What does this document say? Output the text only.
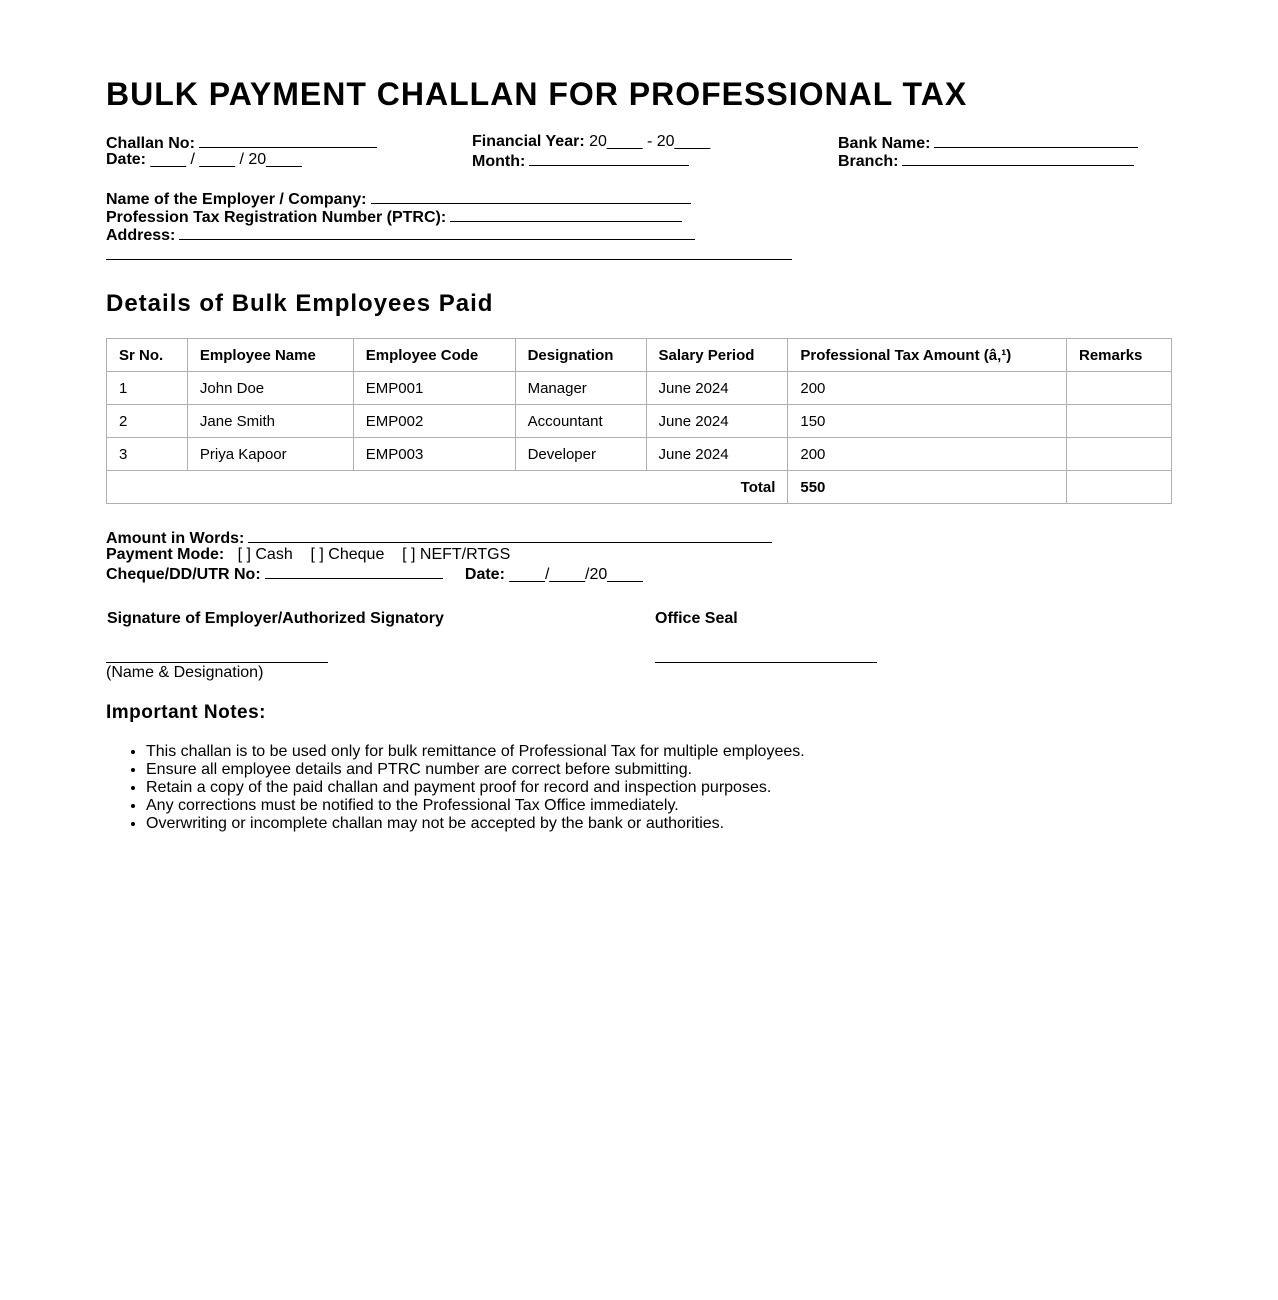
BULK PAYMENT CHALLAN FOR PROFESSIONAL TAX
Challan No:
Date: ____ / ____ / 20____
Financial Year: 20____ - 20____
Month:
Bank Name:
Branch:
Name of the Employer / Company:
Profession Tax Registration Number (PTRC):
Address:
Details of Bulk Employees Paid
Sr No.	Employee Name	Employee Code	Designation	Salary Period	Professional Tax Amount (â‚¹)	Remarks
1	John Doe	EMP001	Manager	June 2024	200	
2	Jane Smith	EMP002	Accountant	June 2024	150	
3	Priya Kapoor	EMP003	Developer	June 2024	200	
Total					550	
Amount in Words:
Payment Mode: [ ] Cash    [ ] Cheque    [ ] NEFT/RTGS
Cheque/DD/UTR No:	Date: ____/____/20____
Signature of Employer/Authorized Signatory	Office Seal
(Name & Designation)
Important Notes:
• This challan is to be used only for bulk remittance of Professional Tax for multiple employees.
• Ensure all employee details and PTRC number are correct before submitting.
• Retain a copy of the paid challan and payment proof for record and inspection purposes.
• Any corrections must be notified to the Professional Tax Office immediately.
• Overwriting or incomplete challan may not be accepted by the bank or authorities.
